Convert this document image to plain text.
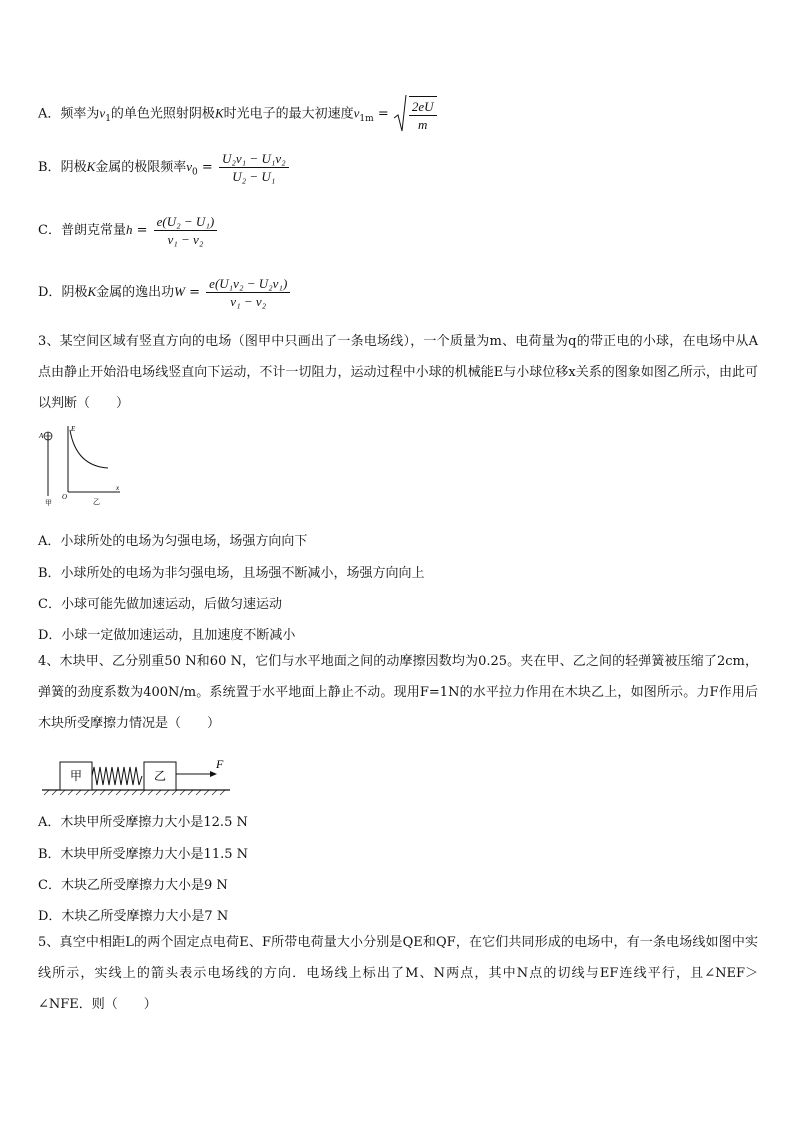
A．频率为$\nu_1$的单色光照射阴极K时光电子的最大初速度$\nu_{1m} = \frac{2eU}{m}$
B．阴极K金属的极限频率$\nu_0 = \frac{\text{U₂ν₁ − U₁ν₂}}{\text{U₂ − U₁}}$
C．普朗克常量$h = \frac{\text{e(U₂ − U₁)}}{\text{ν₁ − ν₂}}$
D．阴极K金属的逸出功$W = \frac{\text{e(U₁ν₂ − U₂ν₁)}}{\text{ν₁ − ν₂}}$
3、某空间区域有竖直方向的电场（图甲中只画出了一条电场线），一个质量为m、电荷量为q的带正电的小球，在电场中从A点由静止开始沿电场线竖直向下运动，不计一切阻力，运动过程中小球的机械能E与小球位移x关系的图象如图乙所示，由此可以判断（　　）
A
甲
E
O
x
乙
A．小球所处的电场为匀强电场，场强方向向下
B．小球所处的电场为非匀强电场，且场强不断减小，场强方向向上
C．小球可能先做加速运动，后做匀速运动
D．小球一定做加速运动，且加速度不断减小
4、木块甲、乙分别重50 N和60 N，它们与水平地面之间的动摩擦因数均为0.25。夹在甲、乙之间的轻弹簧被压缩了2cm，弹簧的劲度系数为400N/m。系统置于水平地面上静止不动。现用F=1N的水平拉力作用在木块乙上，如图所示。力F作用后木块所受摩擦力情况是（　　）
甲	乙
F
A．木块甲所受摩擦力大小是12.5 N
B．木块甲所受摩擦力大小是11.5 N
C．木块乙所受摩擦力大小是9 N
D．木块乙所受摩擦力大小是7 N
5、真空中相距L的两个固定点电荷E、F所带电荷量大小分别是QE和QF，在它们共同形成的电场中，有一条电场线如图中实线所示，实线上的箭头表示电场线的方向．电场线上标出了M、N两点，其中N点的切线与EF连线平行，且∠NEF＞∠NFE．则（　　）
